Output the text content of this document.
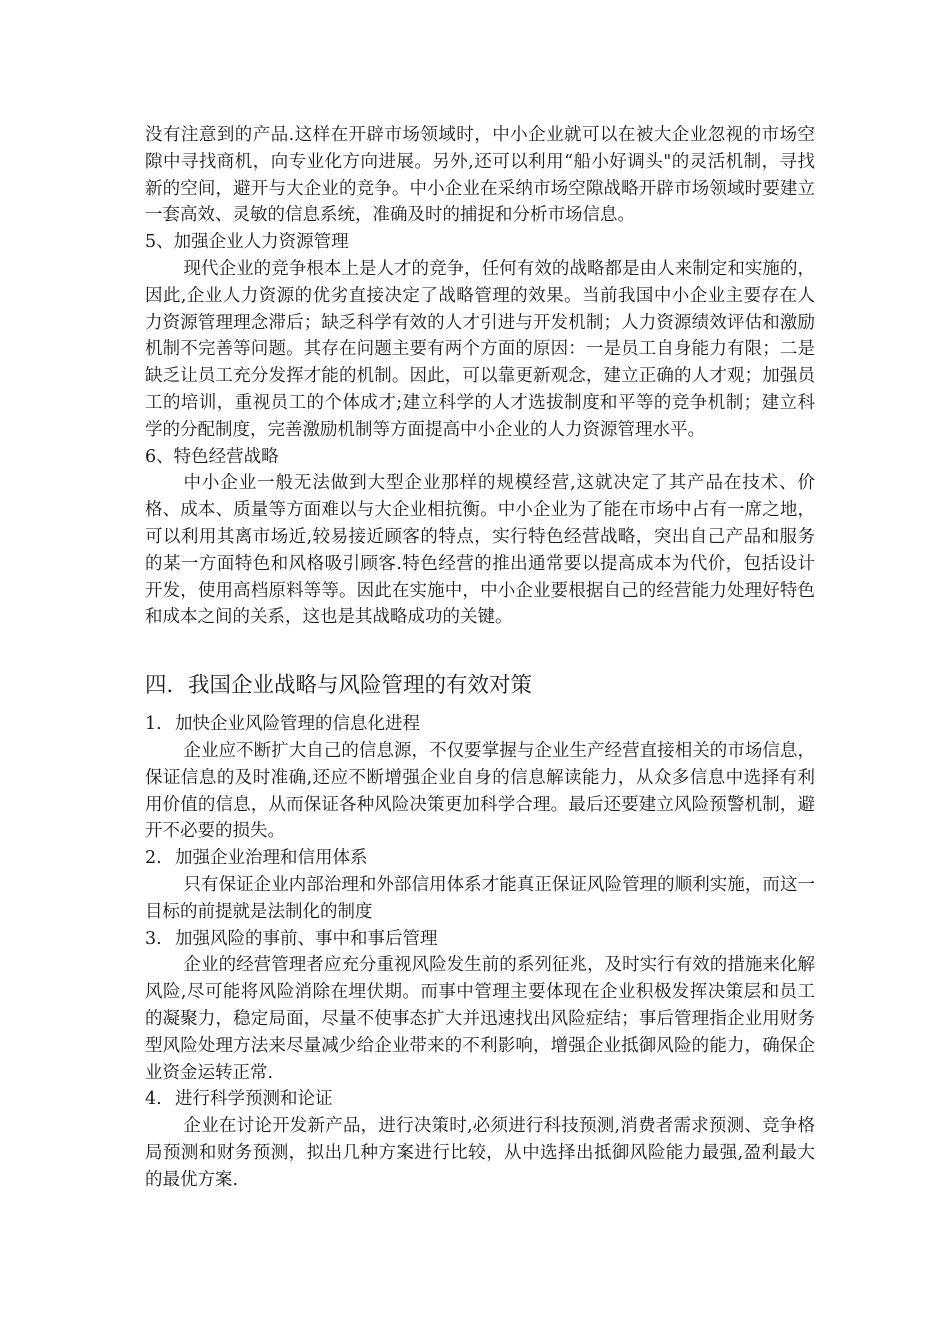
没有注意到的产品.这样在开辟市场领域时，中小企业就可以在被大企业忽视的市场空隙中寻找商机，向专业化方向进展。另外,还可以利用“船小好调头"的灵活机制，寻找新的空间，避开与大企业的竞争。中小企业在采纳市场空隙战略开辟市场领域时要建立一套高效、灵敏的信息系统，准确及时的捕捉和分析市场信息。

5、加强企业人力资源管理

现代企业的竞争根本上是人才的竞争，任何有效的战略都是由人来制定和实施的，因此,企业人力资源的优劣直接决定了战略管理的效果。当前我国中小企业主要存在人力资源管理理念滞后；缺乏科学有效的人才引进与开发机制；人力资源绩效评估和激励机制不完善等问题。其存在问题主要有两个方面的原因：一是员工自身能力有限；二是缺乏让员工充分发挥才能的机制。因此，可以靠更新观念，建立正确的人才观；加强员工的培训，重视员工的个体成才;建立科学的人才选拔制度和平等的竞争机制；建立科学的分配制度，完善激励机制等方面提高中小企业的人力资源管理水平。

6、特色经营战略

中小企业一般无法做到大型企业那样的规模经营,这就决定了其产品在技术、价格、成本、质量等方面难以与大企业相抗衡。中小企业为了能在市场中占有一席之地，可以利用其离市场近,较易接近顾客的特点，实行特色经营战略，突出自己产品和服务的某一方面特色和风格吸引顾客.特色经营的推出通常要以提高成本为代价，包括设计开发，使用高档原料等等。因此在实施中，中小企业要根据自己的经营能力处理好特色和成本之间的关系，这也是其战略成功的关键。

四．我国企业战略与风险管理的有效对策
1. 加快企业风险管理的信息化进程

企业应不断扩大自己的信息源，不仅要掌握与企业生产经营直接相关的市场信息，保证信息的及时准确,还应不断增强企业自身的信息解读能力，从众多信息中选择有利用价值的信息，从而保证各种风险决策更加科学合理。最后还要建立风险预警机制，避开不必要的损失。

2. 加强企业治理和信用体系

只有保证企业内部治理和外部信用体系才能真正保证风险管理的顺利实施，而这一目标的前提就是法制化的制度

3. 加强风险的事前、事中和事后管理

企业的经营管理者应充分重视风险发生前的系列征兆，及时实行有效的措施来化解风险,尽可能将风险消除在埋伏期。而事中管理主要体现在企业积极发挥决策层和员工的凝聚力，稳定局面，尽量不使事态扩大并迅速找出风险症结；事后管理指企业用财务型风险处理方法来尽量减少给企业带来的不利影响，增强企业抵御风险的能力，确保企业资金运转正常.

4. 进行科学预测和论证

企业在讨论开发新产品，进行决策时,必须进行科技预测,消费者需求预测、竞争格局预测和财务预测，拟出几种方案进行比较，从中选择出抵御风险能力最强,盈利最大的最优方案.
